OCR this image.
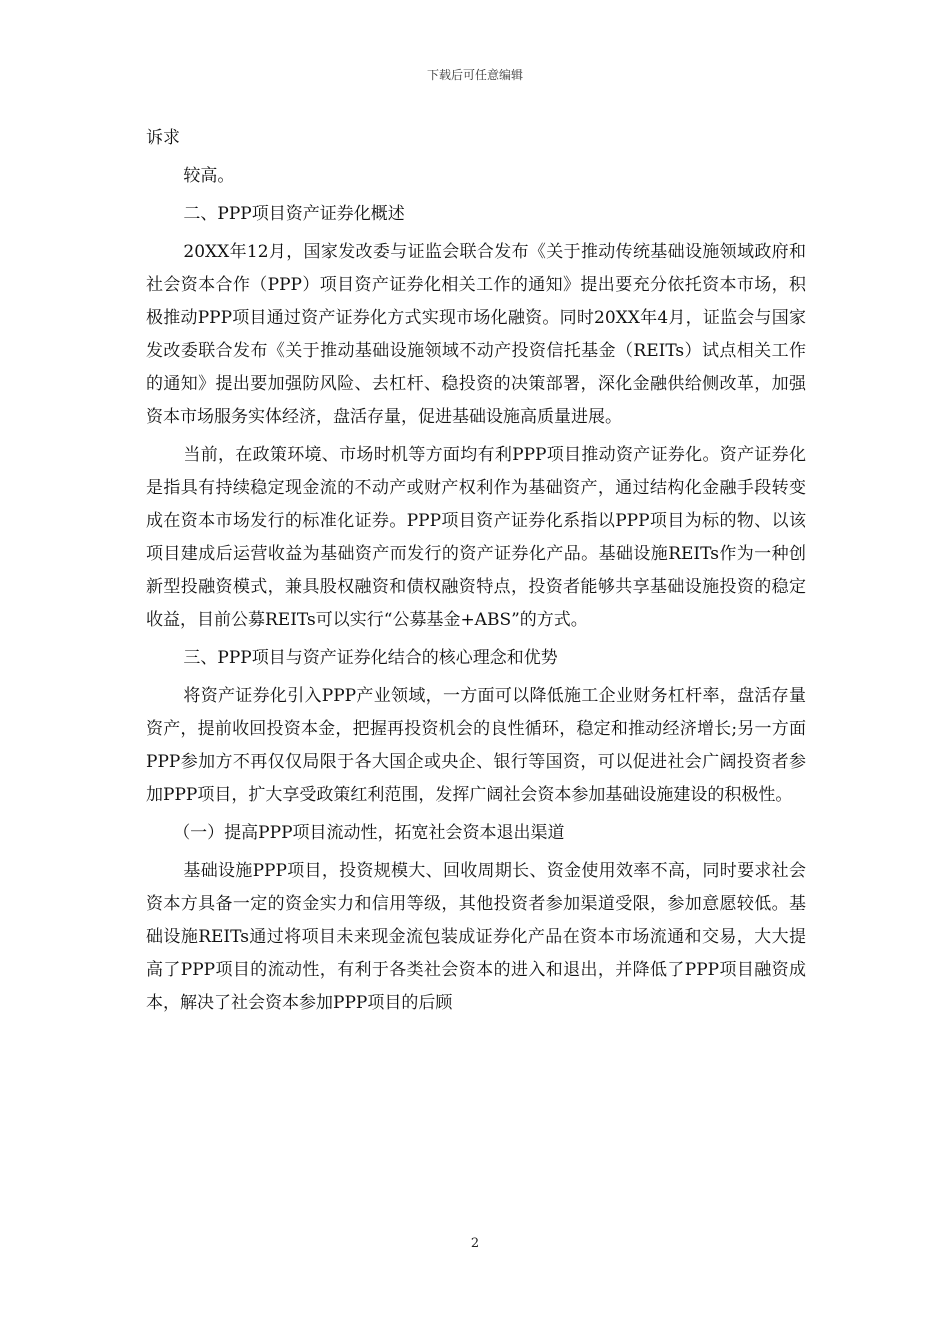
下载后可任意编辑

诉求

较高。

二、PPP项目资产证券化概述

20XX年12月，国家发改委与证监会联合发布《关于推动传统基础设施领域政府和社会资本合作（PPP）项目资产证券化相关工作的通知》提出要充分依托资本市场，积极推动PPP项目通过资产证券化方式实现市场化融资。同时20XX年4月，证监会与国家发改委联合发布《关于推动基础设施领域不动产投资信托基金（REITs）试点相关工作的通知》提出要加强防风险、去杠杆、稳投资的决策部署，深化金融供给侧改革，加强资本市场服务实体经济，盘活存量，促进基础设施高质量进展。

当前，在政策环境、市场时机等方面均有利PPP项目推动资产证券化。资产证券化是指具有持续稳定现金流的不动产或财产权利作为基础资产，通过结构化金融手段转变成在资本市场发行的标准化证券。PPP项目资产证券化系指以PPP项目为标的物、以该项目建成后运营收益为基础资产而发行的资产证券化产品。基础设施REITs作为一种创新型投融资模式，兼具股权融资和债权融资特点，投资者能够共享基础设施投资的稳定收益，目前公募REITs可以实行“公募基金+ABS”的方式。

三、PPP项目与资产证券化结合的核心理念和优势

将资产证券化引入PPP产业领域，一方面可以降低施工企业财务杠杆率，盘活存量资产，提前收回投资本金，把握再投资机会的良性循环，稳定和推动经济增长;另一方面PPP参加方不再仅仅局限于各大国企或央企、银行等国资，可以促进社会广阔投资者参加PPP项目，扩大享受政策红利范围，发挥广阔社会资本参加基础设施建设的积极性。

（一）提高PPP项目流动性，拓宽社会资本退出渠道

基础设施PPP项目，投资规模大、回收周期长、资金使用效率不高，同时要求社会资本方具备一定的资金实力和信用等级，其他投资者参加渠道受限，参加意愿较低。基础设施REITs通过将项目未来现金流包装成证券化产品在资本市场流通和交易，大大提高了PPP项目的流动性，有利于各类社会资本的进入和退出，并降低了PPP项目融资成本，解决了社会资本参加PPP项目的后顾

2
